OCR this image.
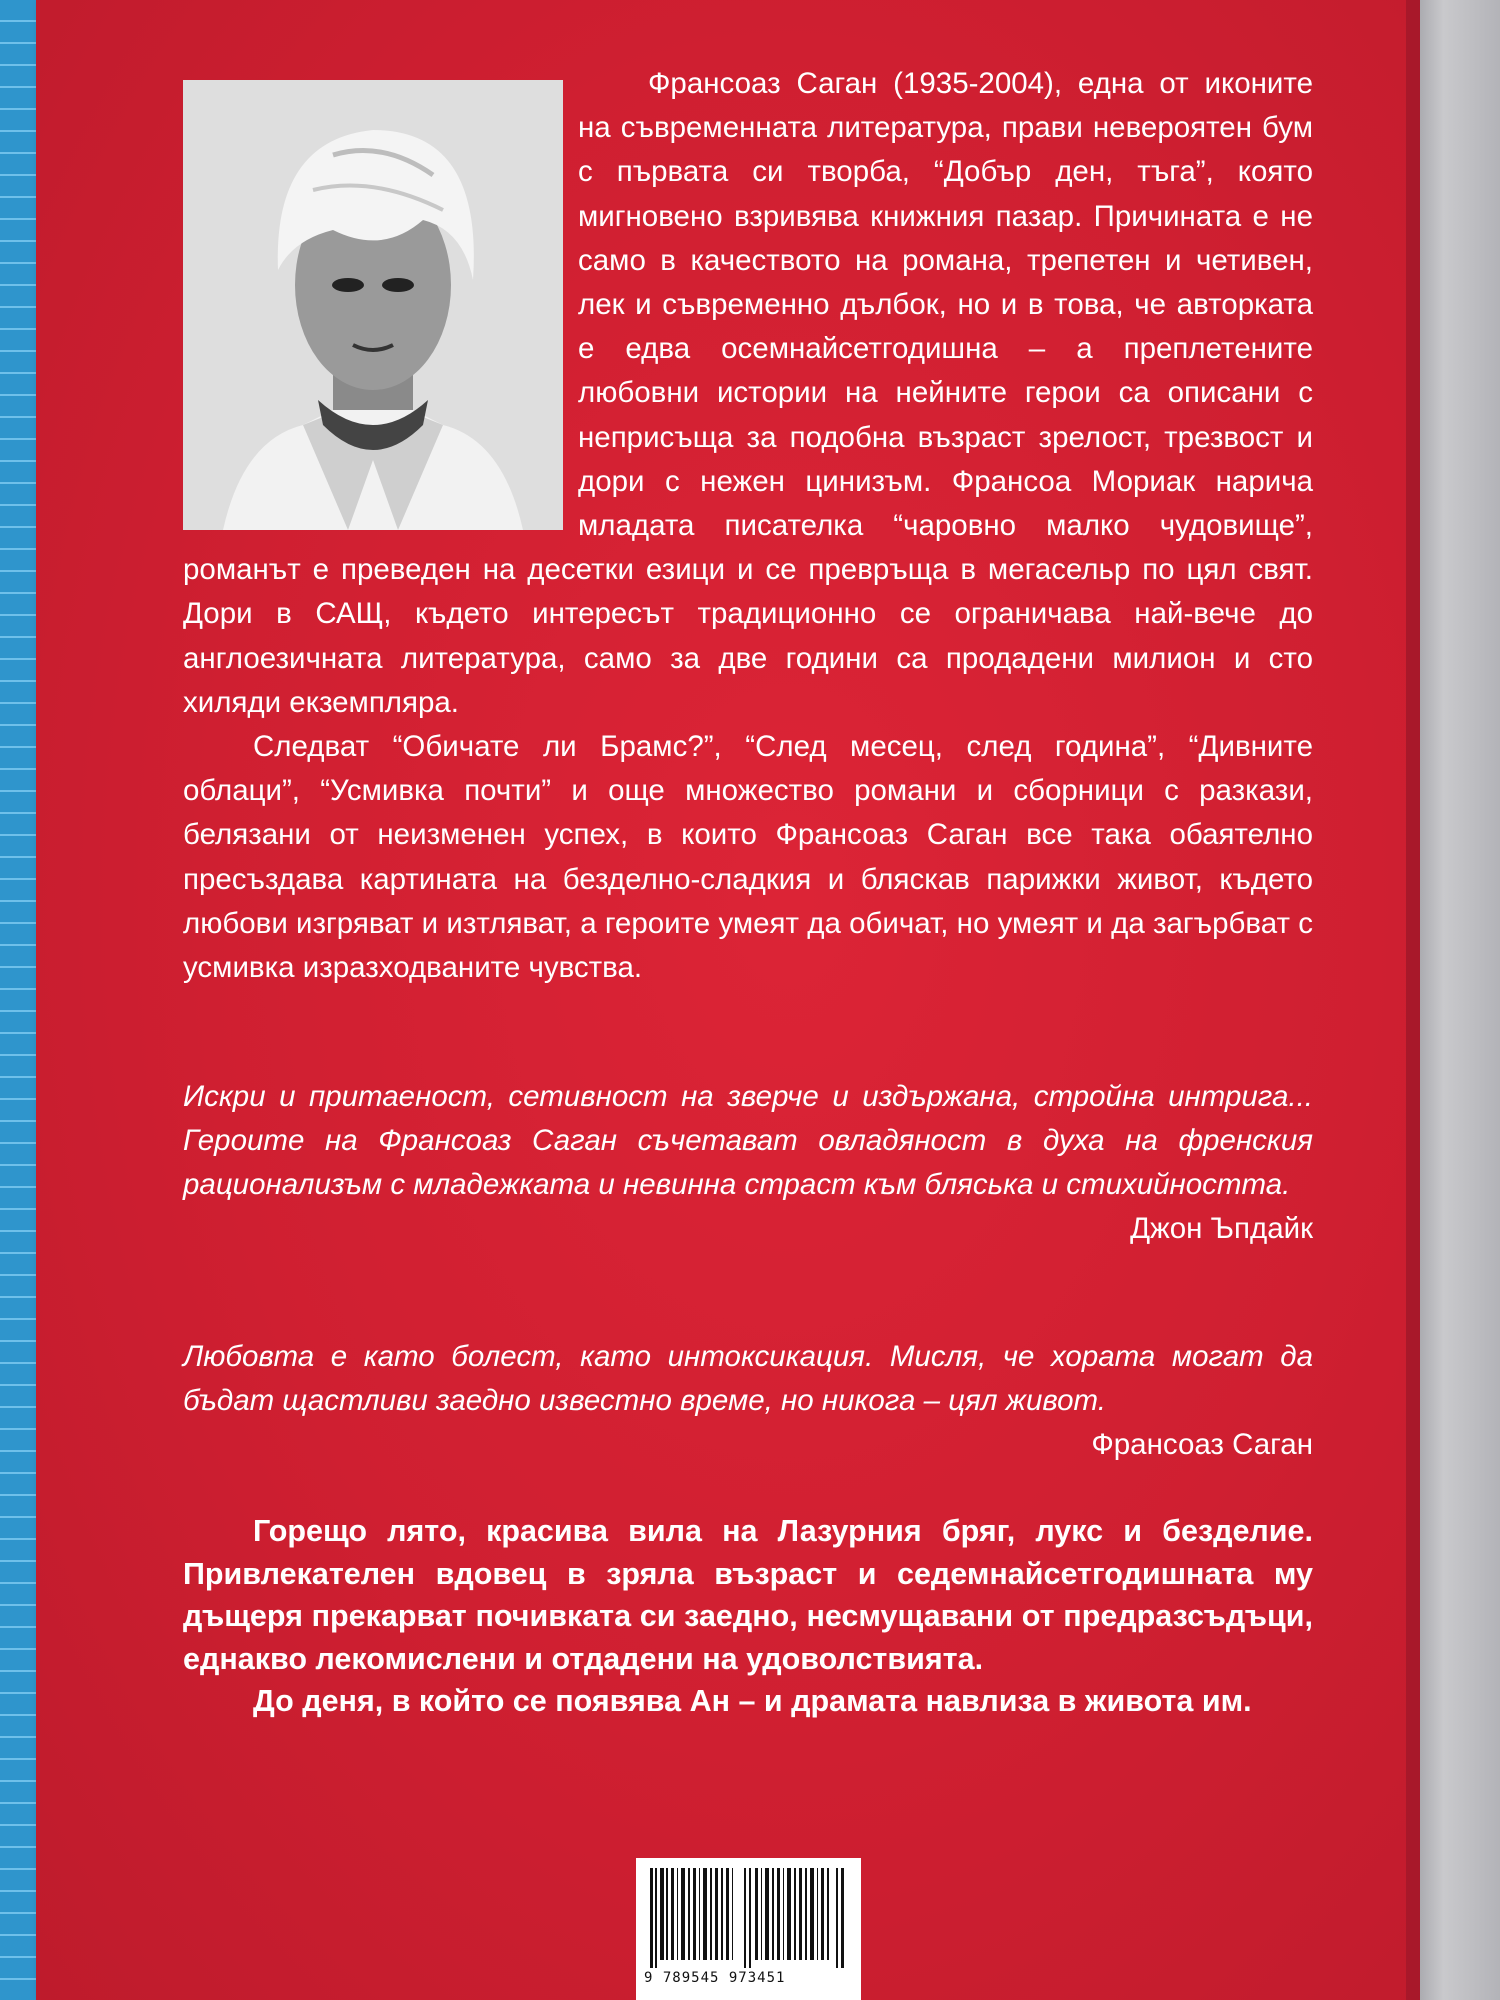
Франсоаз Саган (1935-2004), една от иконите на съвременната литература, прави невероятен бум с първата си творба, “Добър ден, тъга”, която мигновено взривява книжния пазар. Причината е не само в качеството на романа, трепетен и четивен, лек и съвременно дълбок, но и в това, че авторката е едва осемнайсетгодишна – а преплетените любовни истории на нейните герои са описани с неприсъща за подобна възраст зрелост, трезвост и дори с нежен цинизъм. Франсоа Мориак нарича младата писателка “чаровно малко чудовище”, романът е преведен на десетки езици и се превръща в мегасельр по цял свят. Дори в САЩ, където интересът традиционно се ограничава най-вече до англоезичната литература, само за две години са продадени милион и сто хиляди екземпляра.

Следват “Обичате ли Брамс?”, “След месец, след година”, “Дивните облаци”, “Усмивка почти” и още множество романи и сборници с разкази, белязани от неизменен успех, в които Франсоаз Саган все така обаятелно пресъздава картината на безделно-сладкия и бляскав парижки живот, където любови изгряват и изтляват, а героите умеят да обичат, но умеят и да загърбват с усмивка изразходваните чувства.

Искри и притаеност, сетивност на зверче и издържана, стройна интрига... Героите на Франсоаз Саган съчетават овладяност в духа на френския рационализъм с младежката и невинна страст към бляськa и стихийността.

Джон Ъпдайк

Любовта е като болест, като интоксикация. Мисля, че хората могат да бъдат щастливи заедно известно време, но никога – цял живот.

Франсоаз Саган

Горещо лято, красива вила на Лазурния бряг, лукс и безделие. Привлекателен вдовец в зряла възраст и седемнайсетгодишната му дъщеря прекарват почивката си заедно, несмущавани от предразсъдъци, еднакво лекомислени и отдадени на удоволствията.

До деня, в който се появява Ан – и драмата навлиза в живота им.

9 789545 973451
